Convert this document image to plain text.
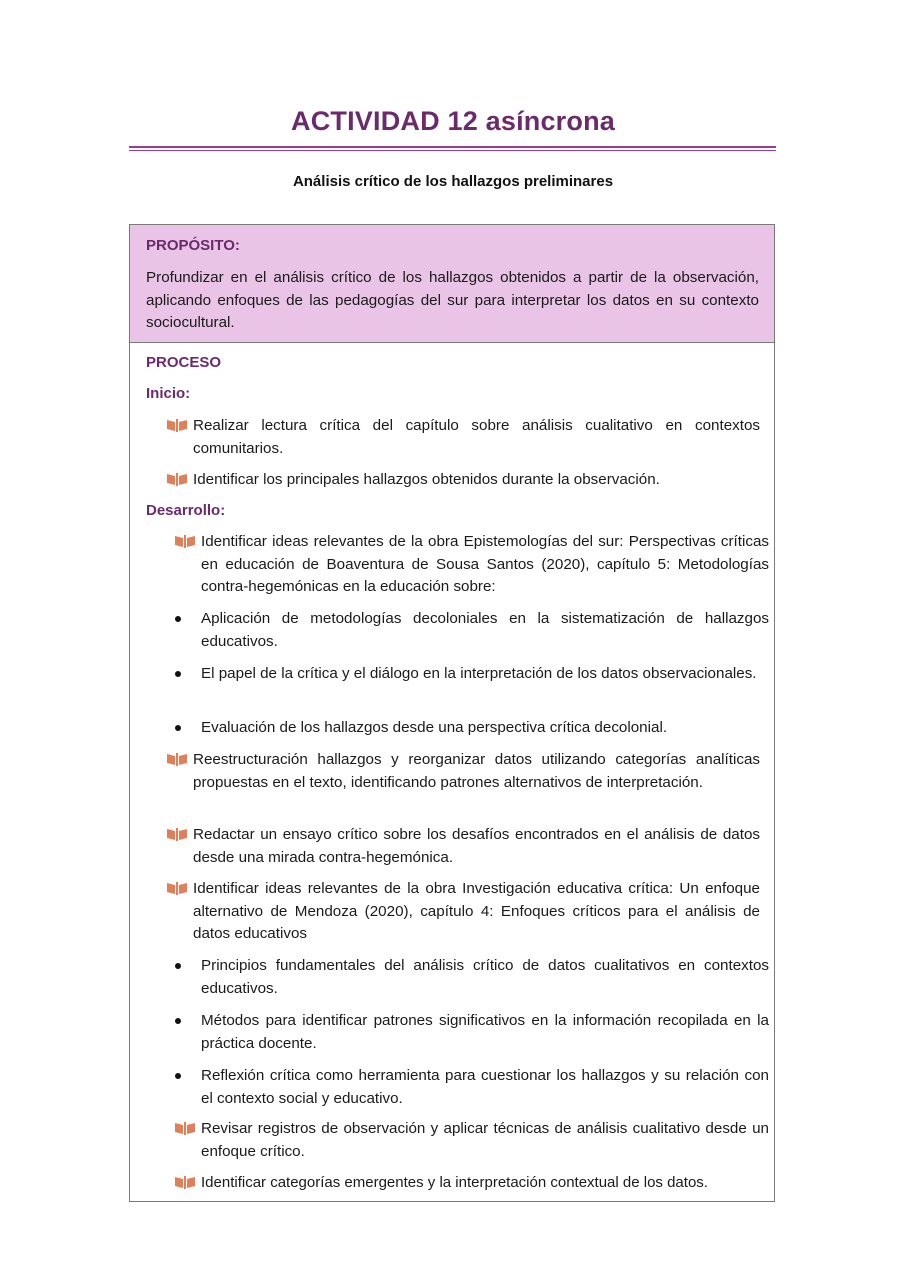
ACTIVIDAD 12 asíncrona
Análisis crítico de los hallazgos preliminares
PROPÓSITO:
Profundizar en el análisis crítico de los hallazgos obtenidos a partir de la observación, aplicando enfoques de las pedagogías del sur para interpretar los datos en su contexto sociocultural.
PROCESO
Inicio:
Realizar lectura crítica del capítulo sobre análisis cualitativo en contextos comunitarios.
Identificar los principales hallazgos obtenidos durante la observación.
Desarrollo:
Identificar ideas relevantes de la obra Epistemologías del sur: Perspectivas críticas en educación de Boaventura de Sousa Santos (2020), capítulo 5: Metodologías contra-hegemónicas en la educación sobre:
Aplicación de metodologías decoloniales en la sistematización de hallazgos educativos.
El papel de la crítica y el diálogo en la interpretación de los datos observacionales.
Evaluación de los hallazgos desde una perspectiva crítica decolonial.
Reestructuración hallazgos y reorganizar datos utilizando categorías analíticas propuestas en el texto, identificando patrones alternativos de interpretación.
Redactar un ensayo crítico sobre los desafíos encontrados en el análisis de datos desde una mirada contra-hegemónica.
Identificar ideas relevantes de la obra Investigación educativa crítica: Un enfoque alternativo de Mendoza (2020), capítulo 4: Enfoques críticos para el análisis de datos educativos
Principios fundamentales del análisis crítico de datos cualitativos en contextos educativos.
Métodos para identificar patrones significativos en la información recopilada en la práctica docente.
Reflexión crítica como herramienta para cuestionar los hallazgos y su relación con el contexto social y educativo.
Revisar registros de observación y aplicar técnicas de análisis cualitativo desde un enfoque crítico.
Identificar categorías emergentes y la interpretación contextual de los datos.
